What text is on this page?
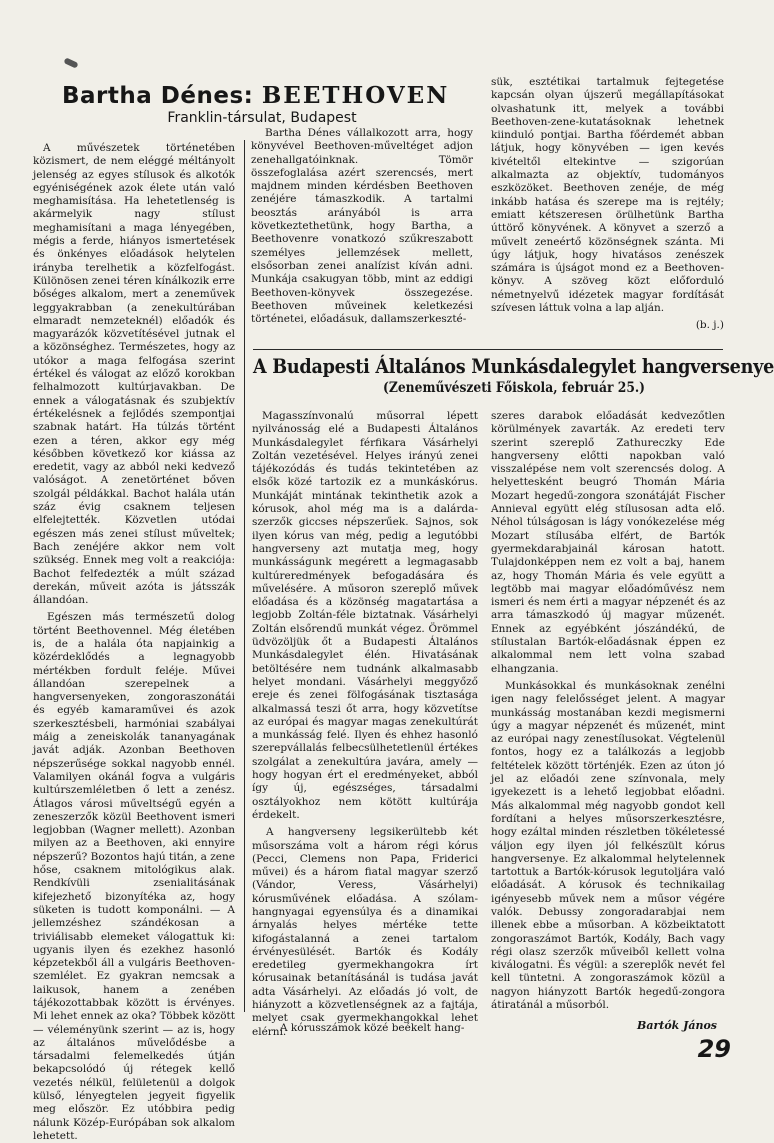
Bartha Dénes: BEETHOVEN
Franklin-társulat, Budapest

A művészetek történetében közismert, de nem eléggé méltányolt jelenség az egyes stílusok és alkotók egyéniségének azok élete után való meghamisítása. Ha lehetetlenség is akármelyik nagy stílust meghamisítani a maga lényegében, mégis a ferde, hiányos ismertetések és önkényes előadások helytelen irányba terelhetik a közfelfogást. Különösen zenei téren kínálkozik erre bőséges alkalom, mert a zeneművek leggyakrabban (a zenekultúrában elmaradt nemzeteknél) előadók és magyarázók közvetítésével jutnak el a közönséghez. Természetes, hogy az utókor a maga felfogása szerint értékel és válogat az előző korokban felhalmozott kultúrjavakban. De ennek a válogatásnak és szubjektív értékelésnek a fejlődés szempontjai szabnak határt. Ha túlzás történt ezen a téren, akkor egy még későbben következő kor kiássa az eredetit, vagy az abból neki kedvező valóságot. A zenetörténet bőven szolgál példákkal. Bachot halála után száz évig csaknem teljesen elfelejtették. Közvetlen utódai egészen más zenei stílust műveltek; Bach zenéjére akkor nem volt szükség. Ennek meg volt a reakciója: Bachot felfedezték a múlt század derekán, műveit azóta is játsszák állandóan.

Egészen más természetű dolog történt Beethovennel. Még életében is, de a halála óta napjainkig a közérdeklődés a legnagyobb mértékben fordult feléje. Művei állandóan szerepelnek a hangversenyeken, zongoraszonátái és egyéb kamaraművei és azok szerkesztésbeli, harmóniai szabályai máig a zeneiskolák tananyagának javát adják. Azonban Beethoven népszerűsége sokkal nagyobb ennél. Valamilyen okánál fogva a vulgáris kultúrszemléletben ő lett a zenész. Átlagos városi műveltségű egyén a zeneszerzők közül Beethovent ismeri legjobban (Wagner mellett). Azonban milyen az a Beethoven, aki ennyire népszerű? Bozontos hajú titán, a zene hőse, csaknem mitológikus alak. Rendkívüli zsenialitásának kifejezhető bizonyítéka az, hogy süketen is tudott komponálni. — A jellemzéshez szándékosan a triviálisabb elemeket válogattuk ki: ugyanis ilyen és ezekhez hasonló képzetekből áll a vulgáris Beethoven-szemlélet. Ez gyakran nemcsak a laikusok, hanem a zenében tájékozottabbak között is érvényes. Mi lehet ennek az oka? Többek között — véleményünk szerint — az is, hogy az általános művelődésbe a társadalmi felemelkedés útján bekapcsolódó új rétegek kellő vezetés nélkül, felületenül a dolgok külső, lényegtelen jegyeit figyelik meg először. Ez utóbbira pedig nálunk Közép-Európában sok alkalom lehetett.

Bartha Dénes vállalkozott arra, hogy könyvével Beethoven-műveltéget adjon zenehallgatóinknak. Tömör összefoglalása azért szerencsés, mert majdnem minden kérdésben Beethoven zenéjére támaszkodik. A tartalmi beosztás arányából is arra következtethetünk, hogy Bartha, a Beethovenre vonatkozó szűkreszabott személyes jellemzések mellett, elsősorban zenei analízist kíván adni. Munkája csakugyan több, mint az eddigi Beethoven-könyvek összegezése. Beethoven műveinek keletkezési történetei, előadásuk, dallamszerkeszté-

sük, esztétikai tartalmuk fejtegetése kapcsán olyan újszerű megállapításokat olvashatunk itt, melyek a további Beethoven-zene-kutatásoknak lehetnek kiinduló pontjai. Bartha főérdemét abban látjuk, hogy könyvében — igen kevés kivételtől eltekintve — szigorúan alkalmazta az objektív, tudományos eszközöket. Beethoven zenéje, de még inkább hatása és szerepe ma is rejtély; emiatt kétszeresen örülhetünk Bartha úttörő könyvének. A könyvet a szerző a művelt zeneértő közönségnek szánta. Mi úgy látjuk, hogy hivatásos zenészek számára is újságot mond ez a Beethoven-könyv. A szöveg közt előforduló németnyelvű idézetek magyar fordítását szívesen láttuk volna a lap alján.

(b. j.)
A Budapesti Általános Munkásdalegylet hangversenye
(Zeneművészeti Főiskola, február 25.)

Magasszínvonalú műsorral lépett nyilvánosság elé a Budapesti Általános Munkásdalegylet férfikara Vásárhelyi Zoltán vezetésével. Helyes irányú zenei tájékozódás és tudás tekintetében az elsők közé tartozik ez a munkáskórus. Munkáját mintának tekinthetik azok a kórusok, ahol még ma is a dalárda-szerzők giccses népszerűek. Sajnos, sok ilyen kórus van még, pedig a legutóbbi hangverseny azt mutatja meg, hogy munkásságunk megérett a legmagasabb kultúreredmények befogadására és művelésére. A műsoron szereplő művek előadása és a közönség magatartása a legjobb Zoltán-féle biztatnak. Vásárhelyi Zoltán elsőrendű munkát végez. Örömmel üdvözöljük őt a Budapesti Általános Munkásdalegylet élén. Hivatásának betöltésére nem tudnánk alkalmasabb helyet mondani. Vásárhelyi meggyőző ereje és zenei fölfogásának tisztasága alkalmassá teszi őt arra, hogy közvetítse az európai és magyar magas zenekultúrát a munkásság felé. Ilyen és ehhez hasonló szerepvállalás felbecsülhetetlenül értékes szolgálat a zenekultúra javára, amely — hogy hogyan ért el eredményeket, abból így új, egészséges, társadalmi osztályokhoz nem kötött kultúrája érdekelt.

A hangverseny legsikerültebb két műsorszáma volt a három régi kórus (Pecci, Clemens non Papa, Friderici művei) és a három fiatal magyar szerző (Vándor, Veress, Vásárhelyi) kórusművének előadása. A szólam-hangnyagai egyensúlya és a dinamikai árnyalás helyes mértéke tette kifogástalanná a zenei tartalom érvényesülését. Bartók és Kodály eredetileg gyermekhangokra írt kórusainak betanításánál is tudása javát adta Vásárhelyi. Az előadás jó volt, de hiányzott a közvetlenségnek az a fajtája, melyet csak gyermekhangokkal lehet elérni.

szeres darabok előadását kedvezőtlen körülmények zavarták. Az eredeti terv szerint szereplő Zathureczky Ede hangverseny előtti napokban való visszalépése nem volt szerencsés dolog. A helyettesként beugró Thomán Mária Mozart hegedű-zongora szonátáját Fischer Annieval együtt elég stílusosan adta elő. Néhol túlságosan is lágy vonókezelése még Mozart stílusába elfért, de Bartók gyermekdarabjainál károsan hatott. Tulajdonképpen nem ez volt a baj, hanem az, hogy Thomán Mária és vele együtt a legtöbb mai magyar előadóművész nem ismeri és nem érti a magyar népzenét és az arra támaszkodó új magyar műzenét. Ennek az egyébként jószándékú, de stílustalan Bartók-előadásnak éppen ez alkalommal nem lett volna szabad elhangzania.

Munkásokkal és munkásoknak zenélni igen nagy felelősséget jelent. A magyar munkásság mostanában kezdi megismerni úgy a magyar népzenét és műzenét, mint az európai nagy zenestílusokat. Végtelenül fontos, hogy ez a találkozás a legjobb feltételek között történjék. Ezen az úton jó jel az előadói zene színvonala, mely igyekezett is a lehető legjobbat előadni. Más alkalommal még nagyobb gondot kell fordítani a helyes műsorszerkesztésre, hogy ezáltal minden részletben tökéletessé váljon egy ilyen jól felkészült kórus hangversenye. Ez alkalommal helytelennek tartottuk a Bartók-kórusok legutoljára való előadását. A kórusok és technikailag igényesebb művek nem a műsor végére valók. Debussy zongoradarabjai nem illenek ebbe a műsorban. A közbeiktatott zongoraszámot Bartók, Kodály, Bach vagy régi olasz szerzők műveiből kellett volna kiválogatni. És végül: a szereplők nevét fel kell tüntetni. A zongoraszámok közül a nagyon hiányzott Bartók hegedű-zongora átiratánál a műsorból.

A kórusszámok közé beékelt hang-	Bartók János
29
